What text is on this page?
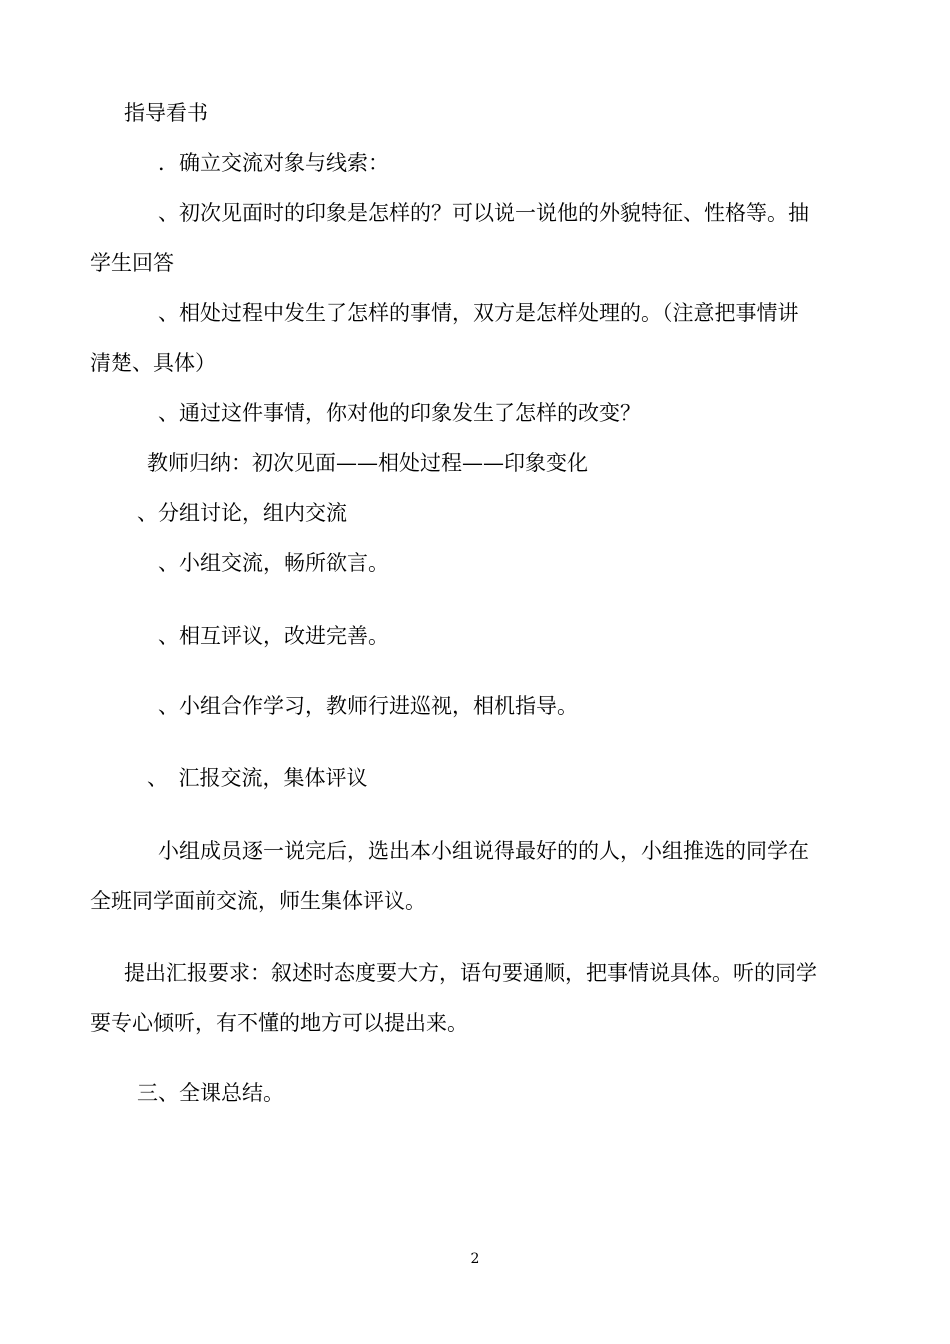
指导看书
．确立交流对象与线索：
、初次见面时的印象是怎样的？可以说一说他的外貌特征、性格等。抽
学生回答
、相处过程中发生了怎样的事情，双方是怎样处理的。（注意把事情讲
清楚、具体）
、通过这件事情，你对他的印象发生了怎样的改变？
教师归纳：初次见面——相处过程——印象变化
、分组讨论，组内交流
、小组交流，畅所欲言。
、相互评议，改进完善。
、小组合作学习，教师行进巡视，相机指导。
、　汇报交流，集体评议
小组成员逐一说完后，选出本小组说得最好的的人，小组推选的同学在
全班同学面前交流，师生集体评议。
提出汇报要求：叙述时态度要大方，语句要通顺，把事情说具体。听的同学
要专心倾听，有不懂的地方可以提出来。
三、全课总结。
2
